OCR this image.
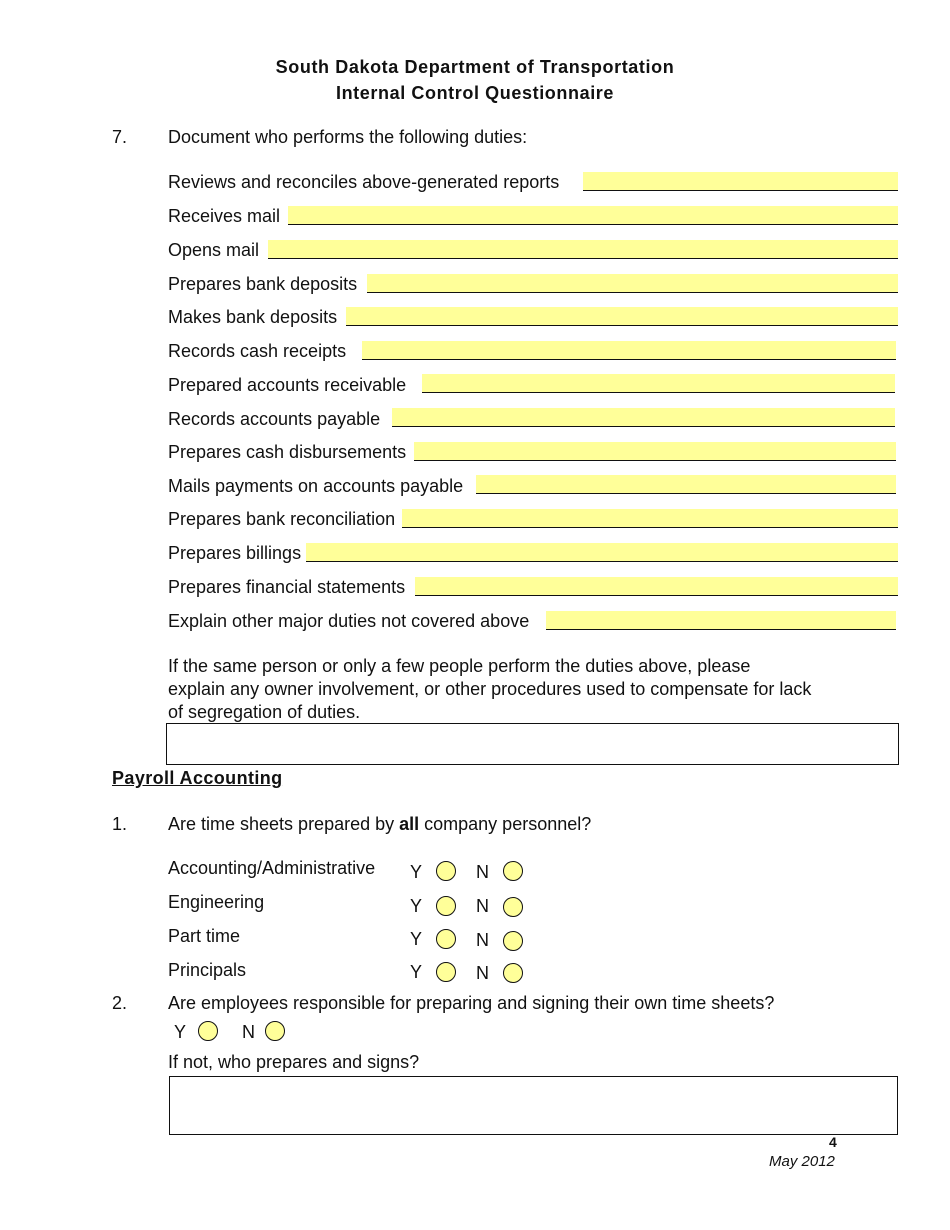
South Dakota Department of Transportation
Internal Control Questionnaire
7. Document who performs the following duties:
Reviews and reconciles above-generated reports
Receives mail
Opens mail
Prepares bank deposits
Makes bank deposits
Records cash receipts
Prepared accounts receivable
Records accounts payable
Prepares cash disbursements
Mails payments on accounts payable
Prepares bank reconciliation
Prepares billings
Prepares financial statements
Explain other major duties not covered above
If the same person or only a few people perform the duties above, please
explain any owner involvement, or other procedures used to compensate for lack
of segregation of duties.
Payroll Accounting
1. Are time sheets prepared by all company personnel?
Accounting/Administrative Y	N
Engineering	Y	N
Part time	Y	N
Principals	Y	N
2. Are employees responsible for preparing and signing their own time sheets?
Y	N
If not, who prepares and signs?
4
May 2012
